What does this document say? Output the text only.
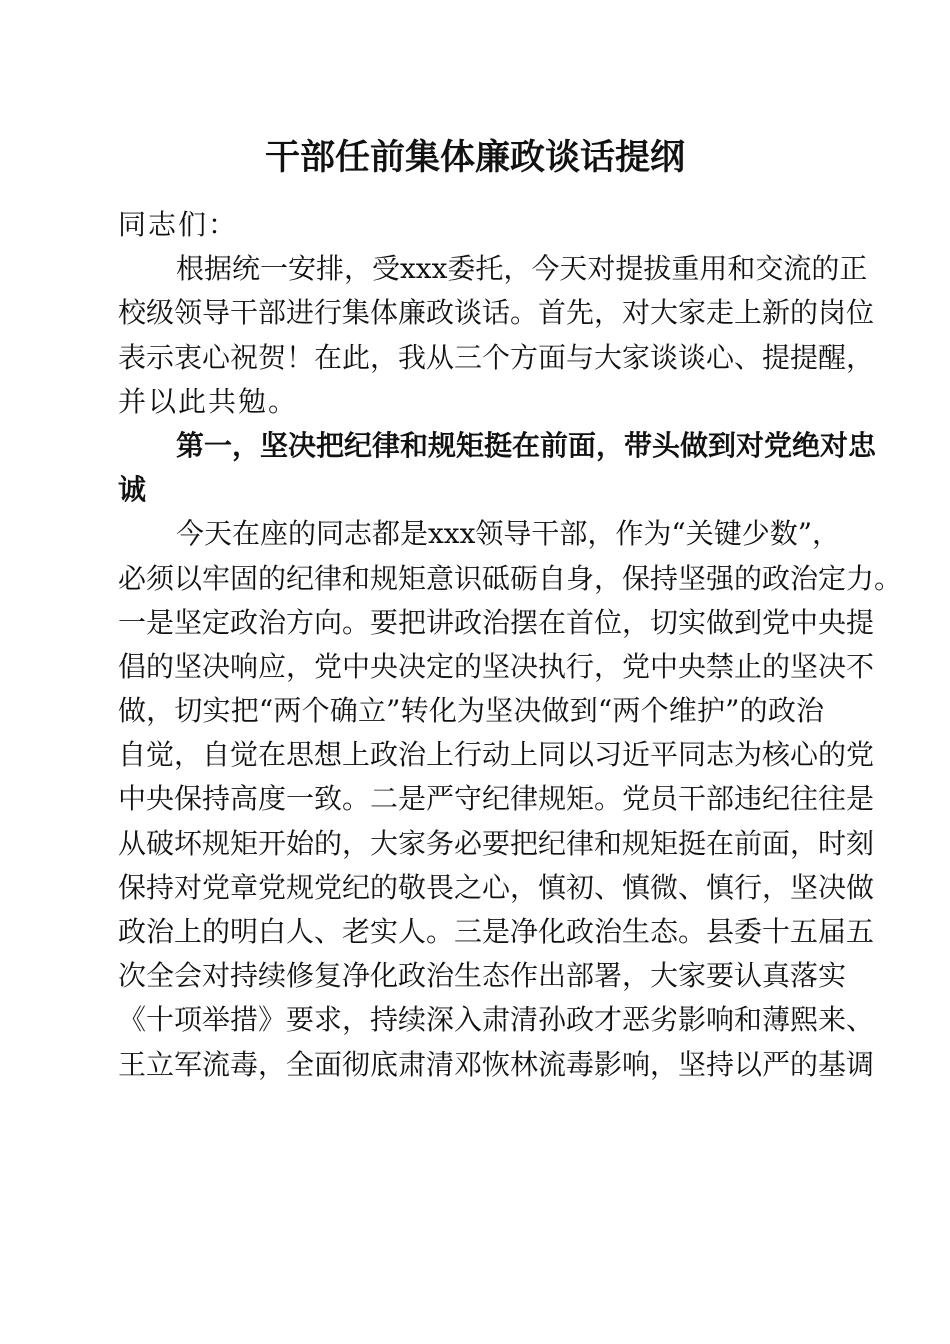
干部任前集体廉政谈话提纲
同志们：
根据统一安排，受xxx委托，今天对提拔重用和交流的正
校级领导干部进行集体廉政谈话。首先，对大家走上新的岗位
表示衷心祝贺！在此，我从三个方面与大家谈谈心、提提醒，
并以此共勉。
第一，坚决把纪律和规矩挺在前面，带头做到对党绝对忠
诚
今天在座的同志都是xxx领导干部，作为“关键少数”，
必须以牢固的纪律和规矩意识砥砺自身，保持坚强的政治定力。
一是坚定政治方向。要把讲政治摆在首位，切实做到党中央提
倡的坚决响应，党中央决定的坚决执行，党中央禁止的坚决不
做，切实把“两个确立”转化为坚决做到“两个维护”的政治
自觉，自觉在思想上政治上行动上同以习近平同志为核心的党
中央保持高度一致。二是严守纪律规矩。党员干部违纪往往是
从破坏规矩开始的，大家务必要把纪律和规矩挺在前面，时刻
保持对党章党规党纪的敬畏之心，慎初、慎微、慎行，坚决做
政治上的明白人、老实人。三是净化政治生态。县委十五届五
次全会对持续修复净化政治生态作出部署，大家要认真落实
《十项举措》要求，持续深入肃清孙政才恶劣影响和薄熙来、
王立军流毒，全面彻底肃清邓恢林流毒影响，坚持以严的基调
